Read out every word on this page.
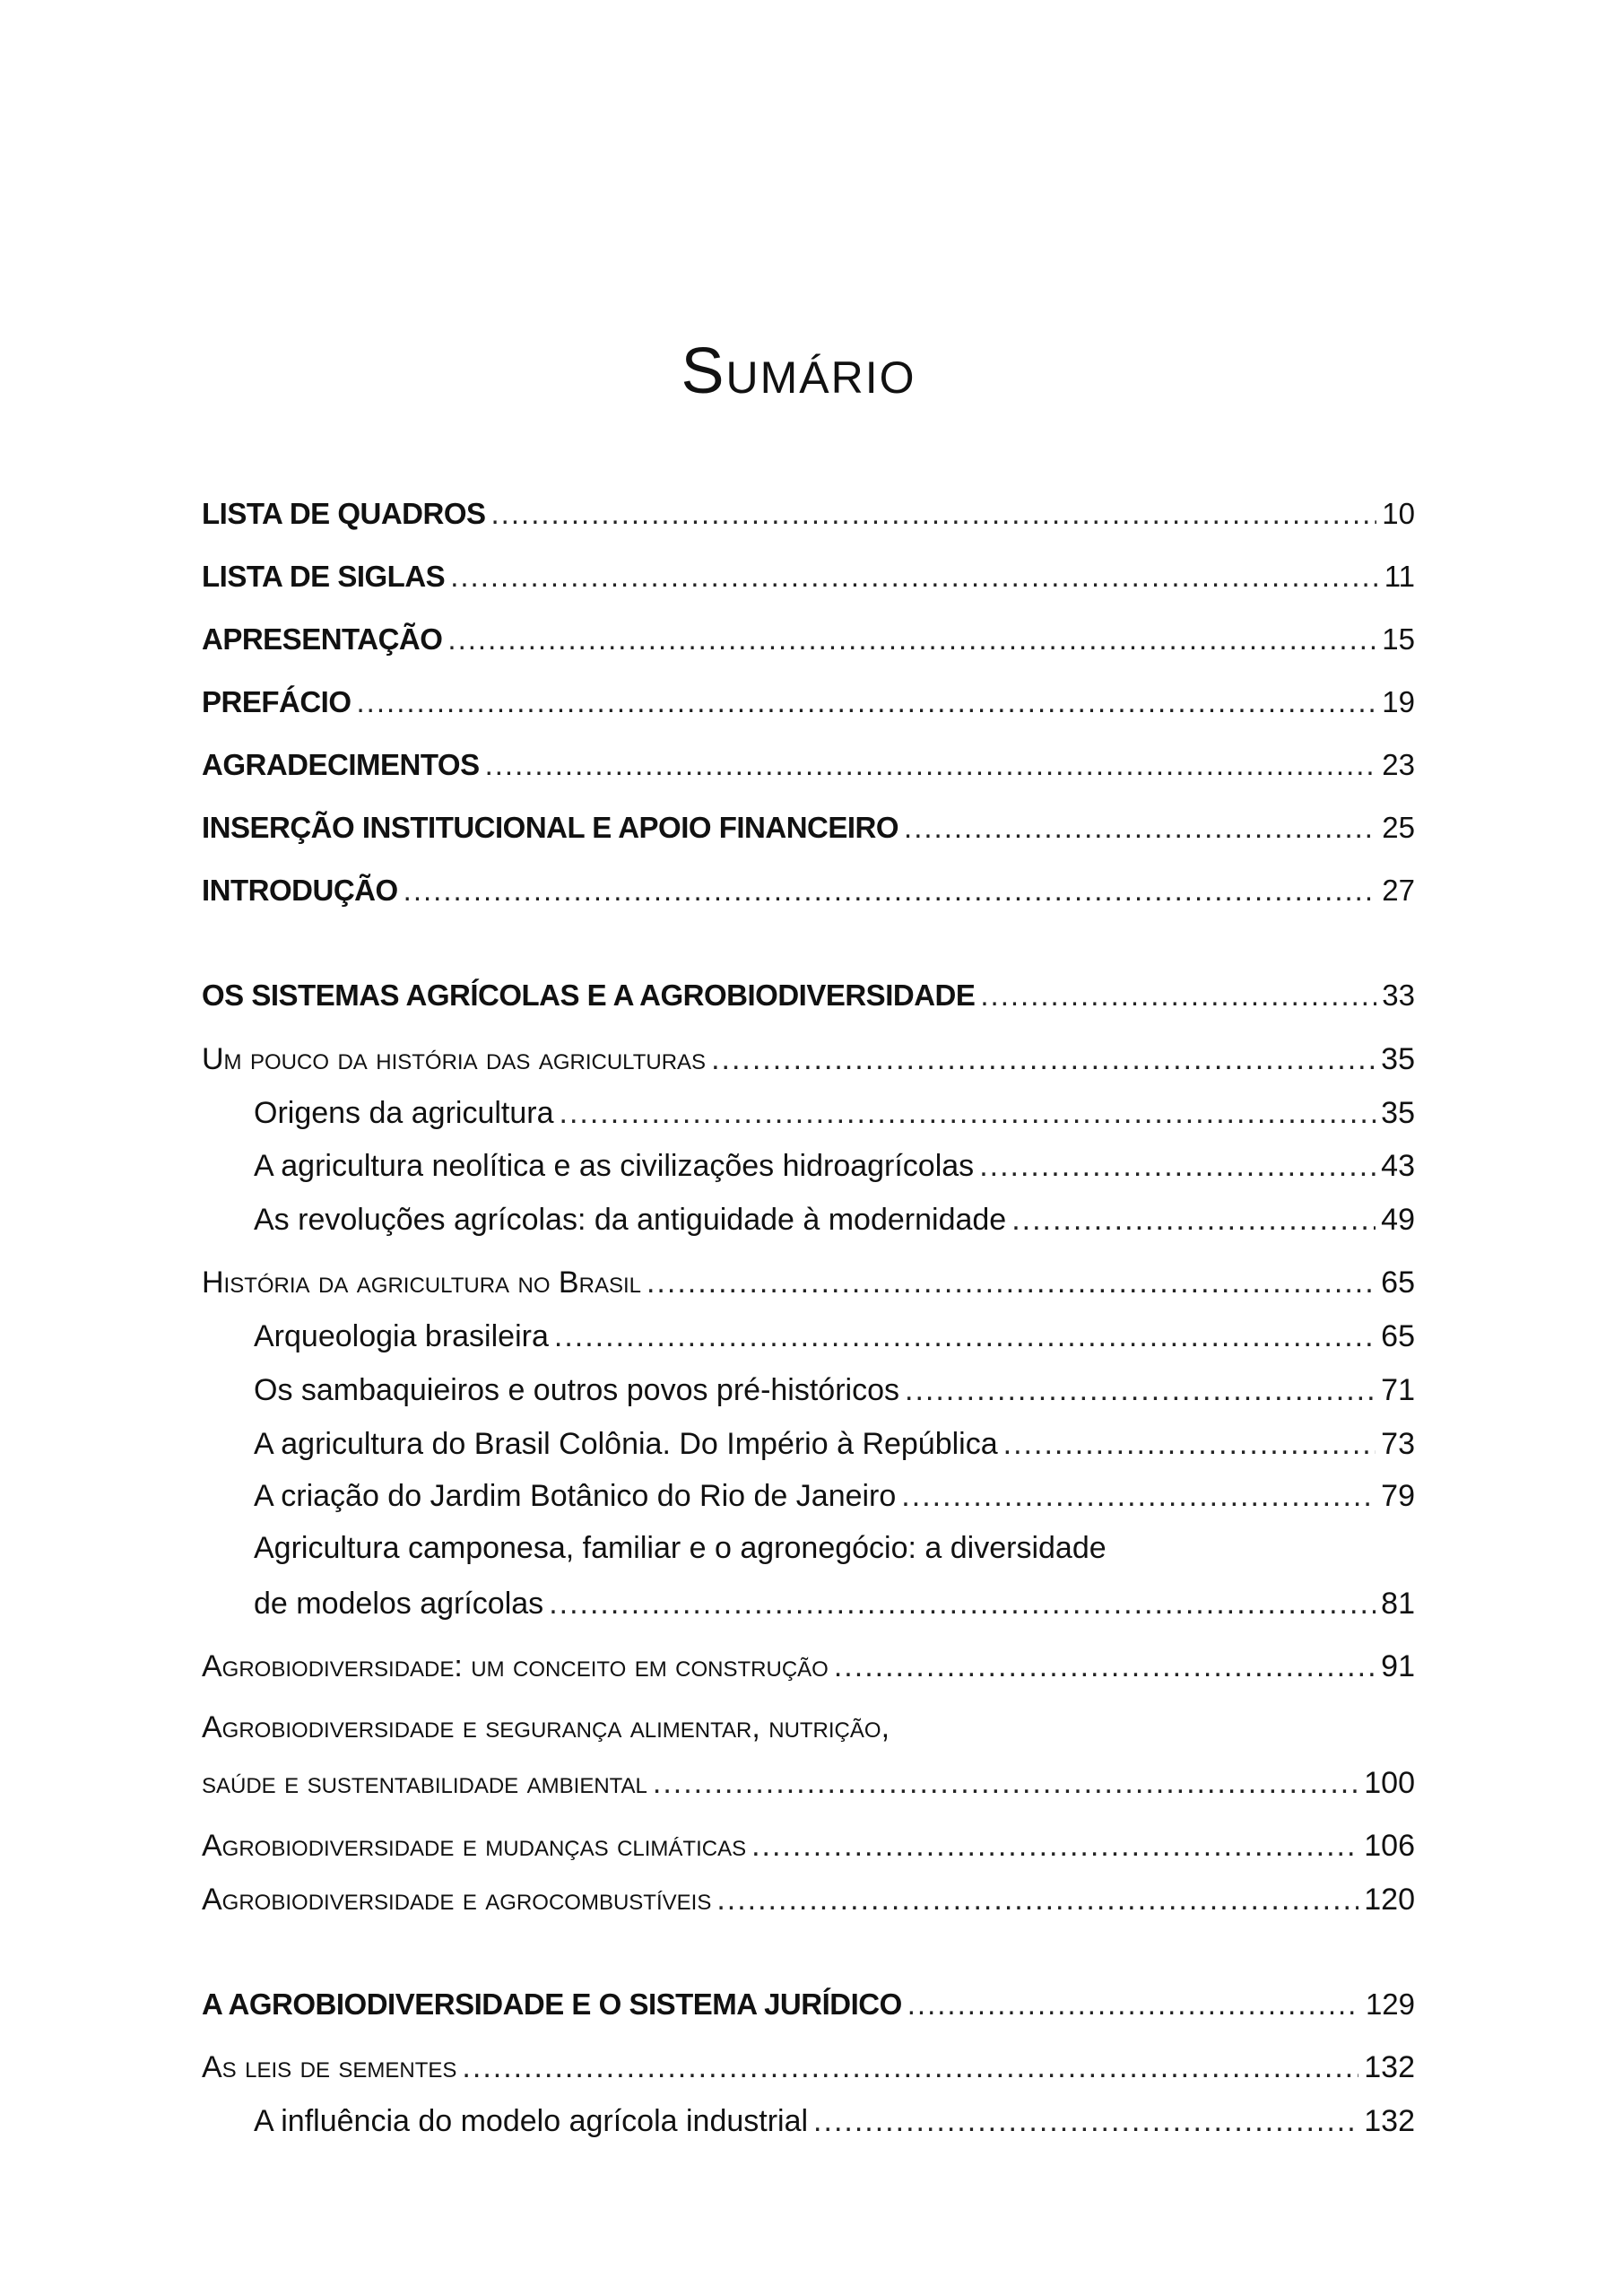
Sumário
LISTA DE QUADROS .....	10
LISTA DE SIGLAS .....	11
APRESENTAÇÃO .....	15
PREFÁCIO .....	19
AGRADECIMENTOS .....	23
INSERÇÃO INSTITUCIONAL E APOIO FINANCEIRO .....	25
INTRODUÇÃO .....	27
OS SISTEMAS AGRÍCOLAS E A AGROBIODIVERSIDADE .....	33
Um pouco da história das agriculturas .....	35
Origens da agricultura .....	35
A agricultura neolítica e as civilizações hidroagrícolas .....	43
As revoluções agrícolas: da antiguidade à modernidade .....	49
História da agricultura no Brasil .....	65
Arqueologia brasileira .....	65
Os sambaquieiros e outros povos pré-históricos .....	71
A agricultura do Brasil Colônia. Do Império à República .....	73
A criação do Jardim Botânico do Rio de Janeiro .....	79
Agricultura camponesa, familiar e o agronegócio: a diversidade
de modelos agrícolas .....	81
Agrobiodiversidade: um conceito em construção .....	91
Agrobiodiversidade e segurança alimentar, nutrição,
saúde e sustentabilidade ambiental .....	100
Agrobiodiversidade e mudanças climáticas .....	106
Agrobiodiversidade e agrocombustíveis .....	120
A AGROBIODIVERSIDADE E O SISTEMA JURÍDICO .....	129
As leis de sementes .....	132
A influência do modelo agrícola industrial .....	132
